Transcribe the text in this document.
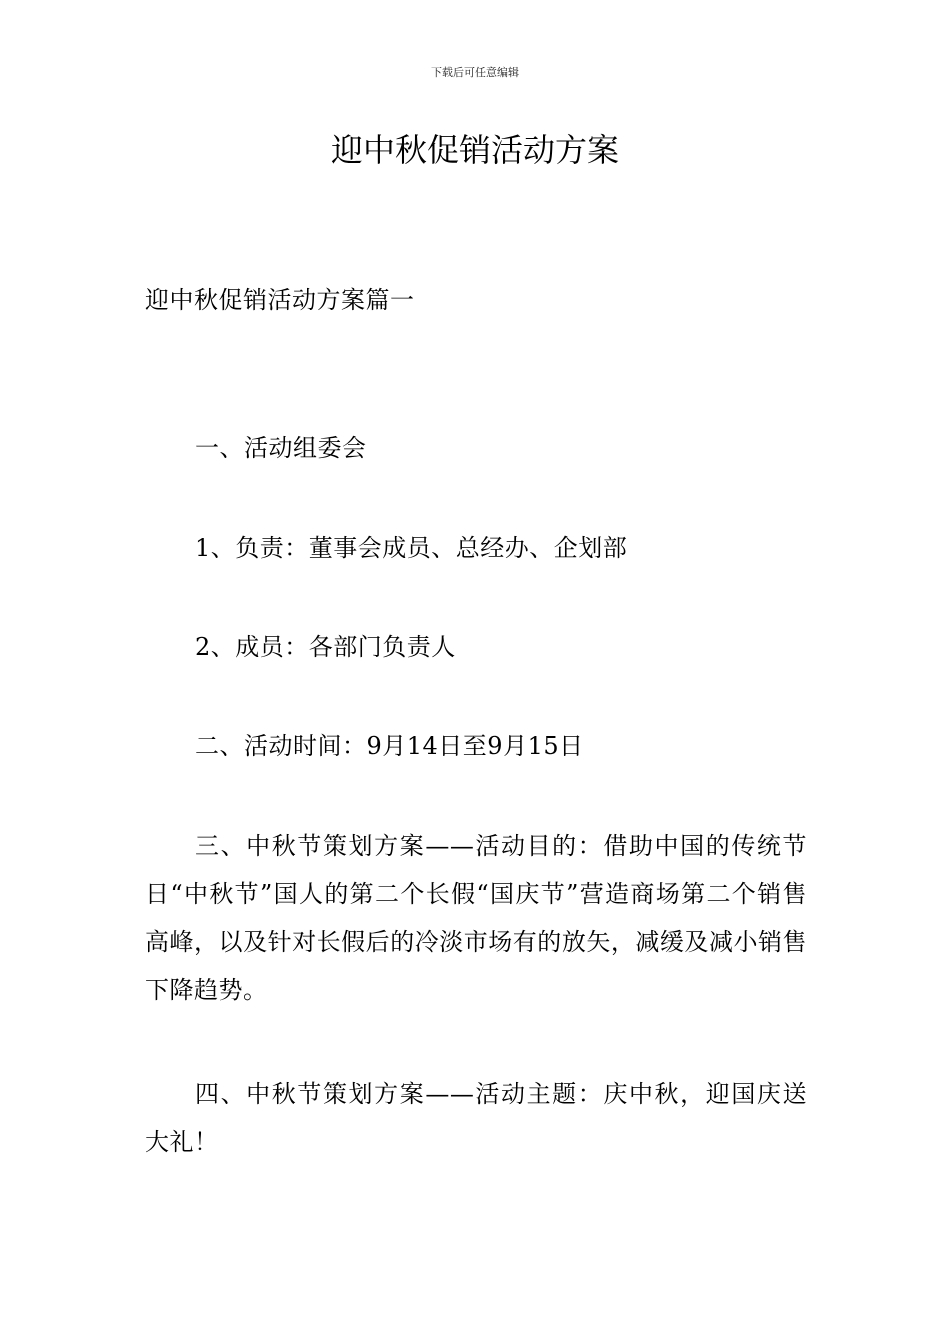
下载后可任意编辑
迎中秋促销活动方案

迎中秋促销活动方案篇一

一、活动组委会

1、负责：董事会成员、总经办、企划部

2、成员：各部门负责人

二、活动时间：9月14日至9月15日

三、中秋节策划方案——活动目的：借助中国的传统节日“中秋节”国人的第二个长假“国庆节”营造商场第二个销售高峰，以及针对长假后的冷淡市场有的放矢，减缓及减小销售下降趋势。

四、中秋节策划方案——活动主题：庆中秋，迎国庆送大礼！
